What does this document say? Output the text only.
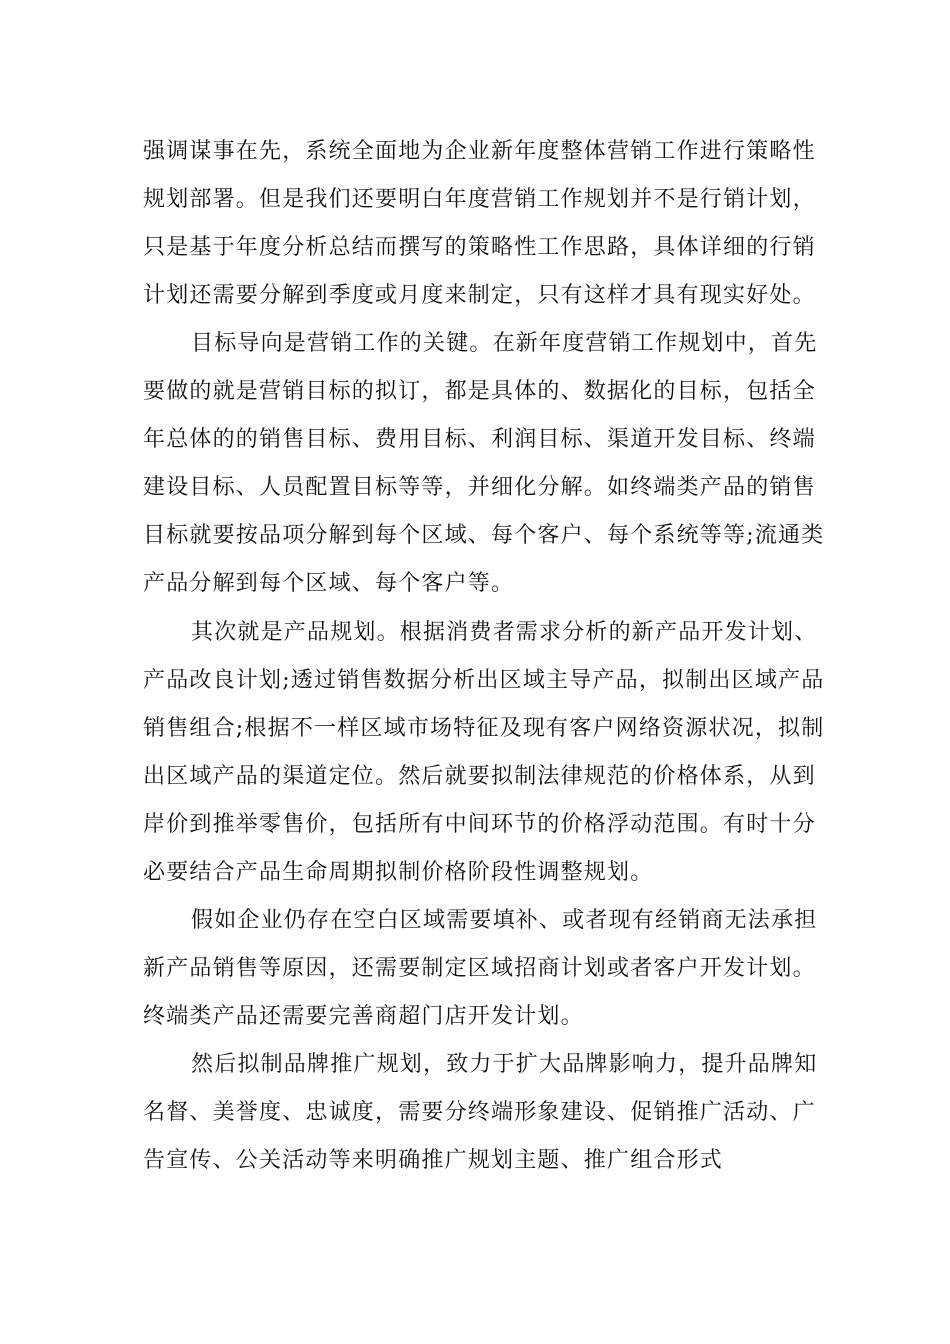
强调谋事在先，系统全面地为企业新年度整体营销工作进行策略性
规划部署。但是我们还要明白年度营销工作规划并不是行销计划，
只是基于年度分析总结而撰写的策略性工作思路，具体详细的行销
计划还需要分解到季度或月度来制定，只有这样才具有现实好处。
目标导向是营销工作的关键。在新年度营销工作规划中，首先
要做的就是营销目标的拟订，都是具体的、数据化的目标，包括全
年总体的的销售目标、费用目标、利润目标、渠道开发目标、终端
建设目标、人员配置目标等等，并细化分解。如终端类产品的销售
目标就要按品项分解到每个区域、每个客户、每个系统等等;流通类
产品分解到每个区域、每个客户等。
其次就是产品规划。根据消费者需求分析的新产品开发计划、
产品改良计划;透过销售数据分析出区域主导产品，拟制出区域产品
销售组合;根据不一样区域市场特征及现有客户网络资源状况，拟制
出区域产品的渠道定位。然后就要拟制法律规范的价格体系，从到
岸价到推举零售价，包括所有中间环节的价格浮动范围。有时十分
必要结合产品生命周期拟制价格阶段性调整规划。
假如企业仍存在空白区域需要填补、或者现有经销商无法承担
新产品销售等原因，还需要制定区域招商计划或者客户开发计划。
终端类产品还需要完善商超门店开发计划。
然后拟制品牌推广规划，致力于扩大品牌影响力，提升品牌知
名督、美誉度、忠诚度，需要分终端形象建设、促销推广活动、广
告宣传、公关活动等来明确推广规划主题、推广组合形式
